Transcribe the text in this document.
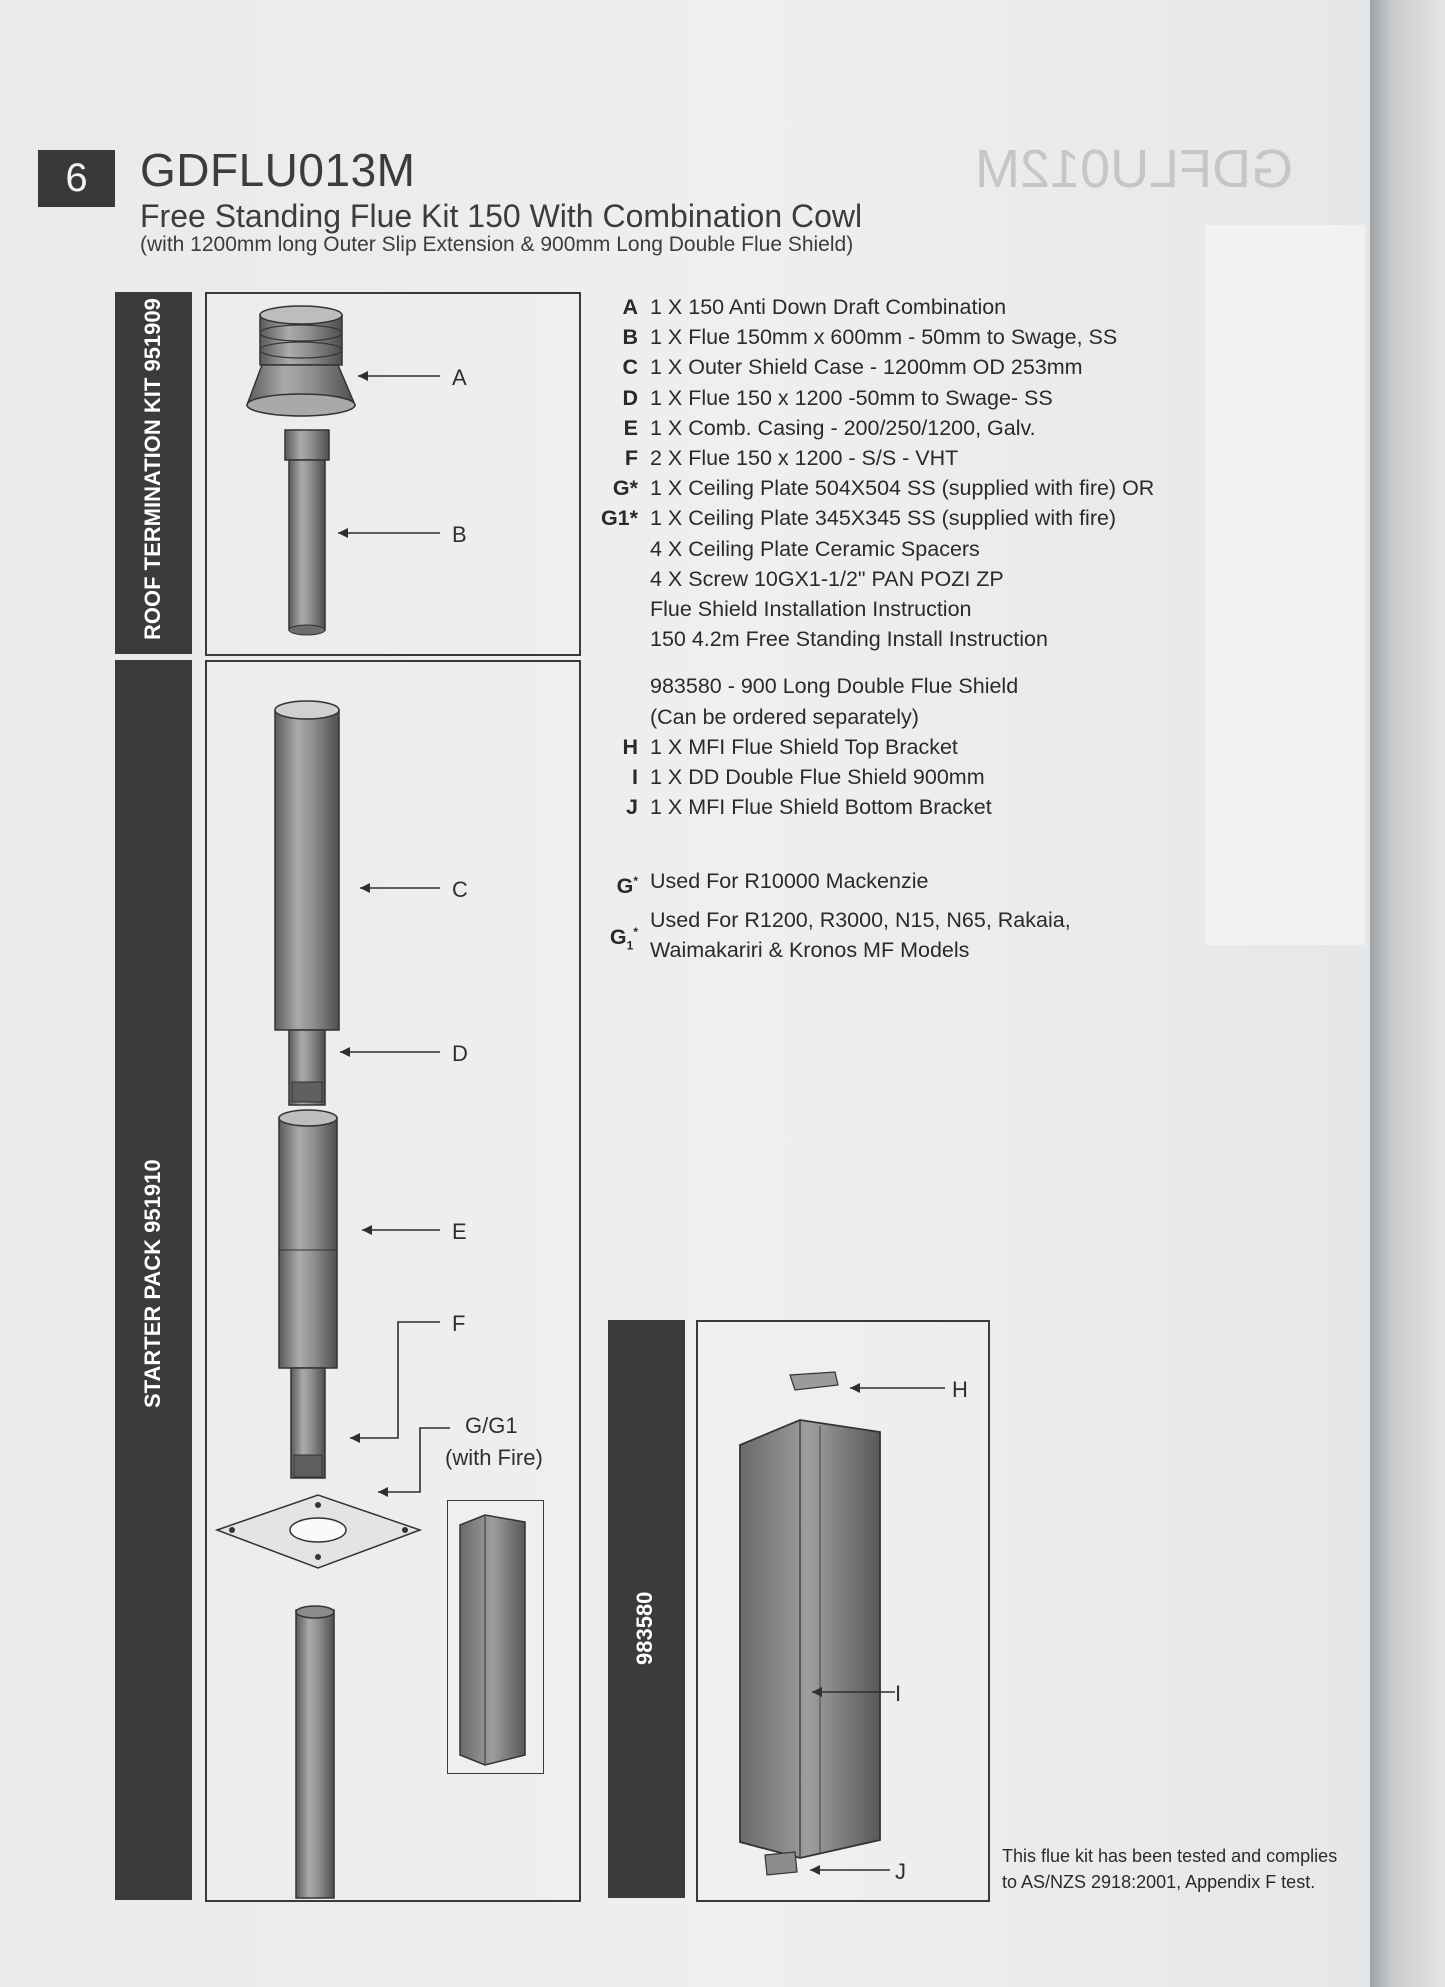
GDFLU012M
6	GDFLU013M
Free Standing Flue Kit 150 With Combination Cowl
(with 1200mm long Outer Slip Extension & 900mm Long Double Flue Shield)
ROOF TERMINATION KIT 951909
STARTER PACK 951910
983580
A
B
C
D
E
F
G/G1
(with Fire)
H
I
J
A 1 X 150 Anti Down Draft Combination
B 1 X Flue 150mm x 600mm - 50mm to Swage, SS
C 1 X Outer Shield Case - 1200mm OD 253mm
D 1 X Flue 150 x 1200 -50mm to Swage- SS
E 1 X Comb. Casing - 200/250/1200, Galv.
F 2 X Flue 150 x 1200 - S/S - VHT
G* 1 X Ceiling Plate 504X504 SS (supplied with fire) OR
G1* 1 X Ceiling Plate 345X345 SS (supplied with fire)
4 X Ceiling Plate Ceramic Spacers
4 X Screw 10GX1-1/2" PAN POZI ZP
Flue Shield Installation Instruction
150 4.2m Free Standing Install Instruction
983580 - 900 Long Double Flue Shield
(Can be ordered separately)
H 1 X MFI Flue Shield Top Bracket
I 1 X DD Double Flue Shield 900mm
J 1 X MFI Flue Shield Bottom Bracket
G* Used For R10000 Mackenzie
$G_1^*$ Used For R1200, R3000, N15, N65, Rakaia,
Waimakariri & Kronos MF Models
This flue kit has been tested and complies
to AS/NZS 2918:2001, Appendix F test.
